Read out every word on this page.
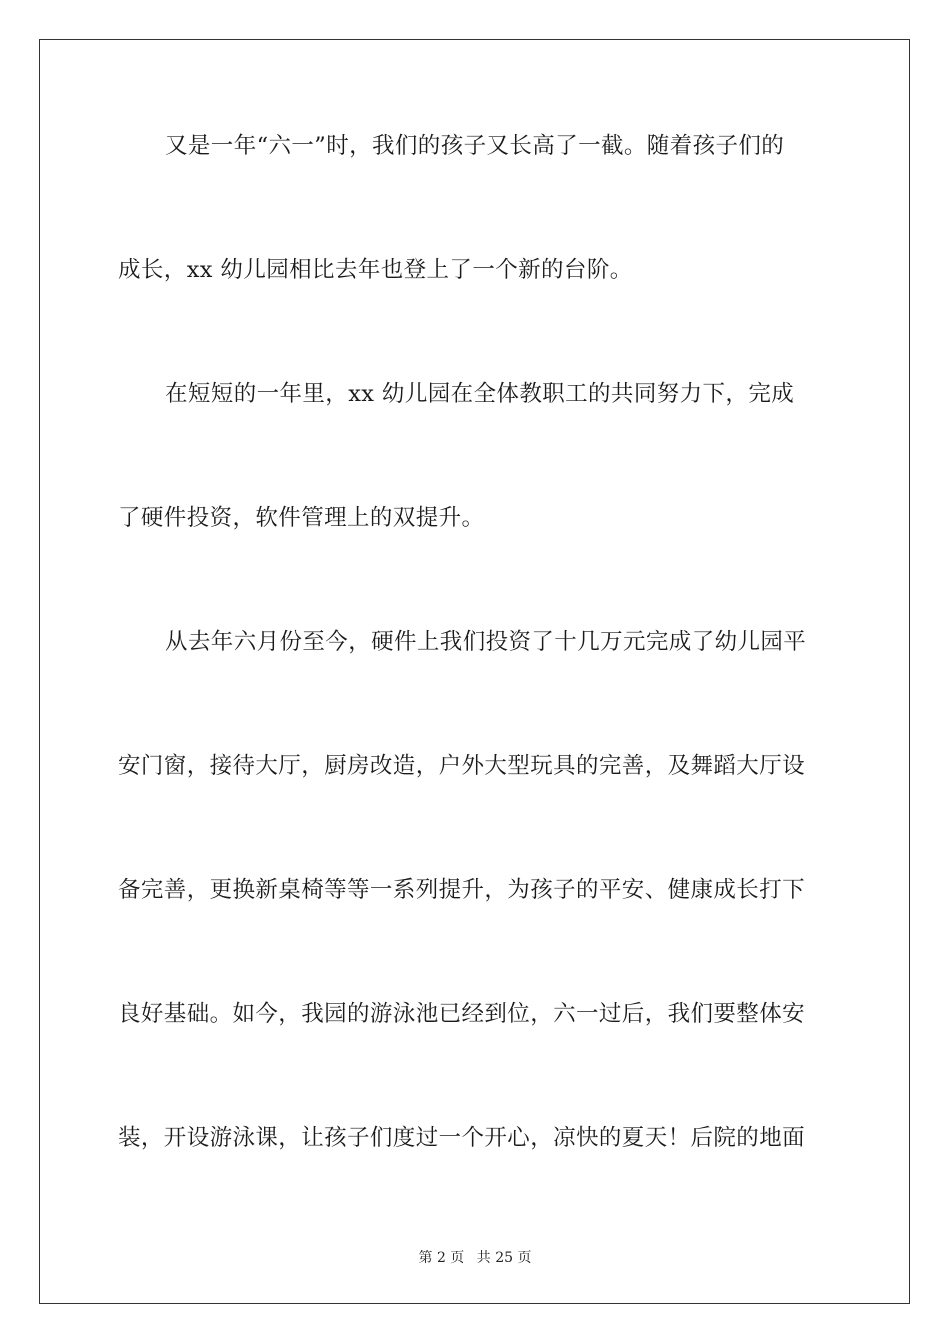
又是一年“六一”时，我们的孩子又长高了一截。随着孩子们的
成长，xx 幼儿园相比去年也登上了一个新的台阶。
在短短的一年里，xx 幼儿园在全体教职工的共同努力下，完成
了硬件投资，软件管理上的双提升。
从去年六月份至今，硬件上我们投资了十几万元完成了幼儿园平
安门窗，接待大厅，厨房改造，户外大型玩具的完善，及舞蹈大厅设
备完善，更换新桌椅等等一系列提升，为孩子的平安、健康成长打下
良好基础。如今，我园的游泳池已经到位，六一过后，我们要整体安
装，开设游泳课，让孩子们度过一个开心，凉快的夏天！后院的地面
第 2 页 共 25 页
